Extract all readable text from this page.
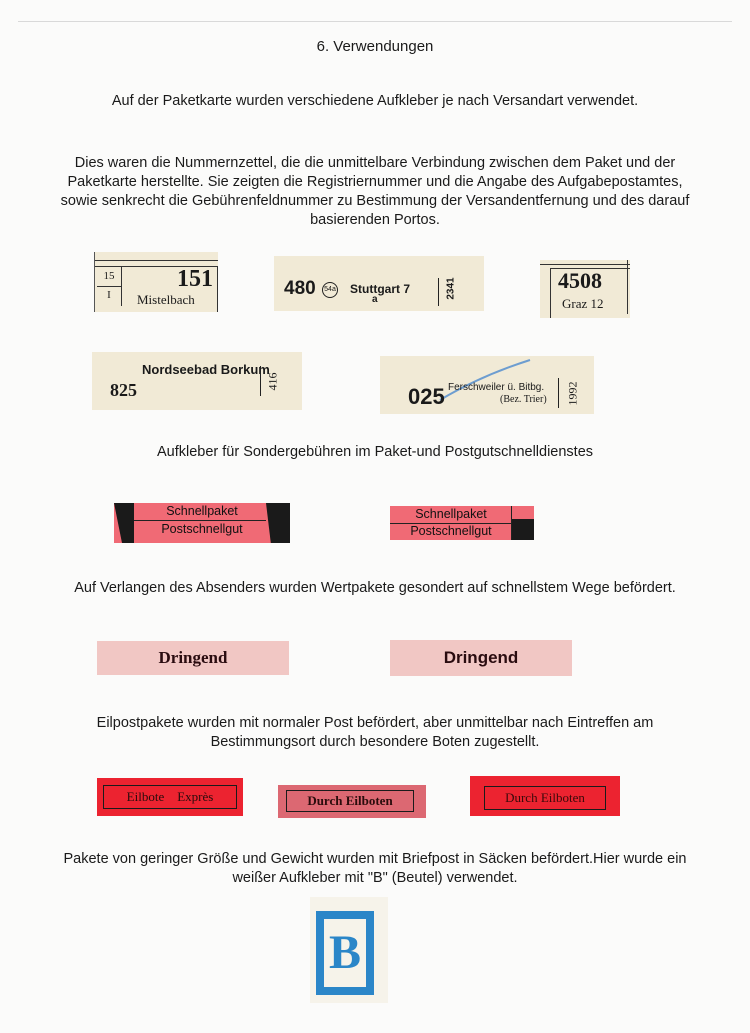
6. Verwendungen
Auf der Paketkarte wurden verschiedene Aufkleber je nach Versandart verwendet.
Dies waren die Nummernzettel, die die unmittelbare Verbindung zwischen dem Paket und der Paketkarte herstellte. Sie zeigten die Registriernummer und die Angabe des Aufgabepostamtes, sowie senkrecht die Gebührenfeldnummer zu Bestimmung der Versandentfernung und des darauf basierenden Portos.
15
I
151
Mistelbach
480	54a Stuttgart 7
a	2341	4508
Graz 12
Nordseebad Borkum
825	416
025 Ferschweiler ü. Bitbg.
(Bez. Trier) 1992
Aufkleber für Sondergebühren im Paket-und Postgutschnelldienstes
Schnellpaket
Postschnellgut
Schnellpaket
Postschnellgut
Auf Verlangen des Absenders wurden Wertpakete gesondert auf schnellstem Wege befördert.
Dringend	Dringend
Eilpostpakete wurden mit normaler Post befördert, aber unmittelbar nach Eintreffen am Bestimmungsort durch besondere Boten zugestellt.
Eilbote    Exprès	Durch Eilboten	Durch Eilboten
Pakete von geringer Größe und Gewicht wurden mit Briefpost in Säcken befördert.Hier wurde ein weißer Aufkleber mit "B" (Beutel) verwendet.
B
